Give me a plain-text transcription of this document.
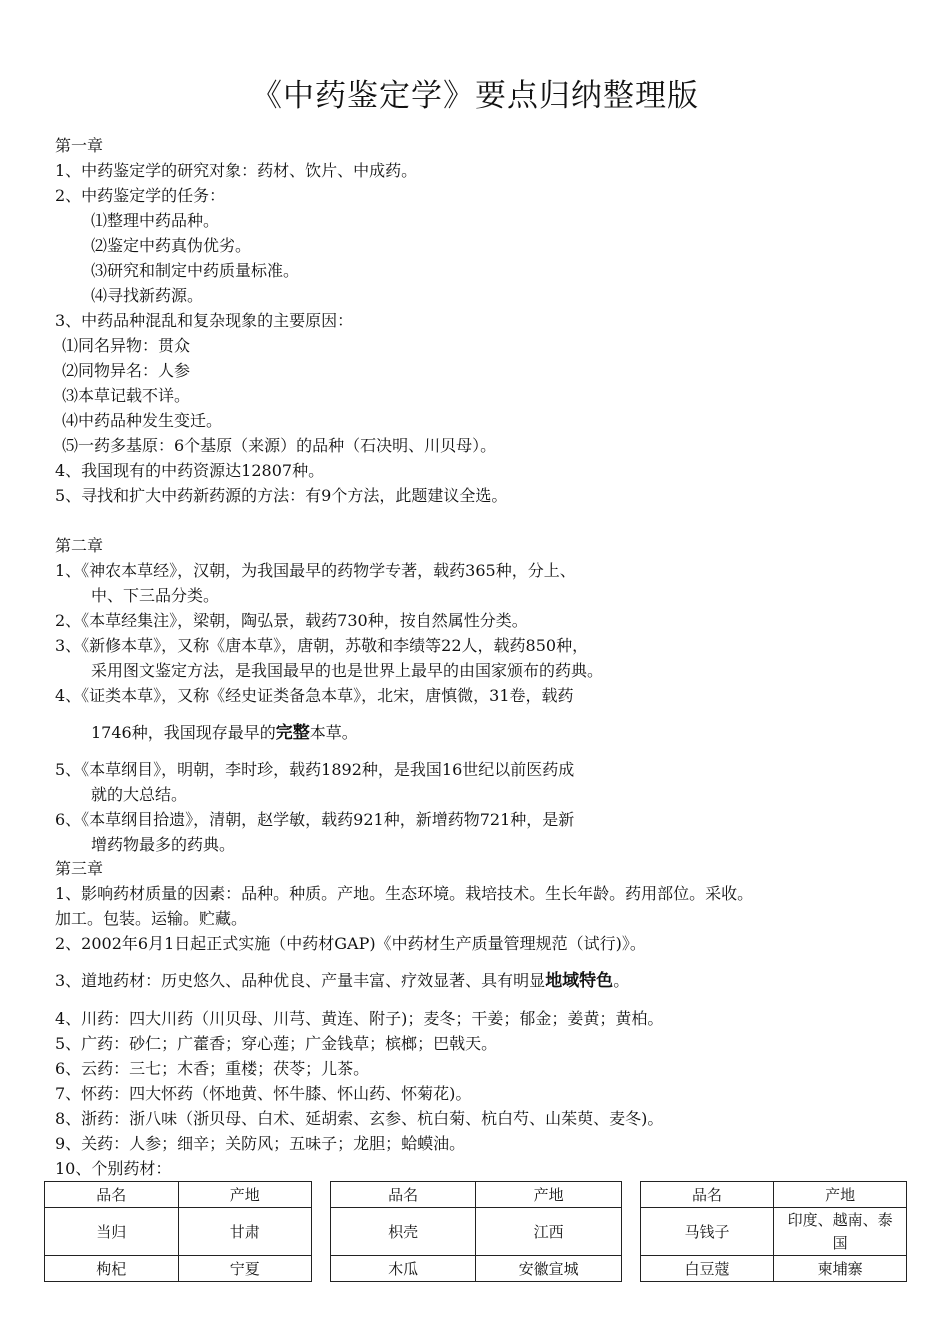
《中药鉴定学》要点归纳整理版
第一章
1、中药鉴定学的研究对象：药材、饮片、中成药。
2、中药鉴定学的任务：
⑴整理中药品种。
⑵鉴定中药真伪优劣。
⑶研究和制定中药质量标准。
⑷寻找新药源。
3、中药品种混乱和复杂现象的主要原因：
⑴同名异物：贯众
⑵同物异名：人参
⑶本草记载不详。
⑷中药品种发生变迁。
⑸一药多基原：6个基原（来源）的品种（石决明、川贝母）。
4、我国现有的中药资源达12807种。
5、寻找和扩大中药新药源的方法：有9个方法，此题建议全选。
第二章
1、《神农本草经》，汉朝，为我国最早的药物学专著，载药365种，分上、
中、下三品分类。
2、《本草经集注》，梁朝，陶弘景，载药730种，按自然属性分类。
3、《新修本草》，又称《唐本草》，唐朝，苏敬和李绩等22人，载药850种，
采用图文鉴定方法，是我国最早的也是世界上最早的由国家颁布的药典。
4、《证类本草》，又称《经史证类备急本草》，北宋，唐慎微，31卷，载药
1746种，我国现存最早的完整本草。
5、《本草纲目》，明朝，李时珍，载药1892种，是我国16世纪以前医药成
就的大总结。
6、《本草纲目拾遗》，清朝，赵学敏，载药921种，新增药物721种，是新
增药物最多的药典。
第三章
1、影响药材质量的因素：品种。种质。产地。生态环境。栽培技术。生长年龄。药用部位。采收。
加工。包装。运输。贮藏。
2、2002年6月1日起正式实施（中药材GAP)《中药材生产质量管理规范（试行)》。
3、道地药材：历史悠久、品种优良、产量丰富、疗效显著、具有明显地域特色。
4、川药：四大川药（川贝母、川芎、黄连、附子)；麦冬；干姜；郁金；姜黄；黄柏。
5、广药：砂仁；广藿香；穿心莲；广金钱草；槟榔；巴戟天。
6、云药：三七；木香；重楼；茯苓；儿茶。
7、怀药：四大怀药（怀地黄、怀牛膝、怀山药、怀菊花)。
8、浙药：浙八味（浙贝母、白术、延胡索、玄参、杭白菊、杭白芍、山茱萸、麦冬)。
9、关药：人参；细辛；关防风；五味子；龙胆；蛤蟆油。
10、个别药材：
品名	产地		品名	产地		品名	产地
当归	甘肃		枳壳	江西		马钱子	印度、越南、泰国
枸杞	宁夏		木瓜	安徽宣城		白豆蔻	柬埔寨
